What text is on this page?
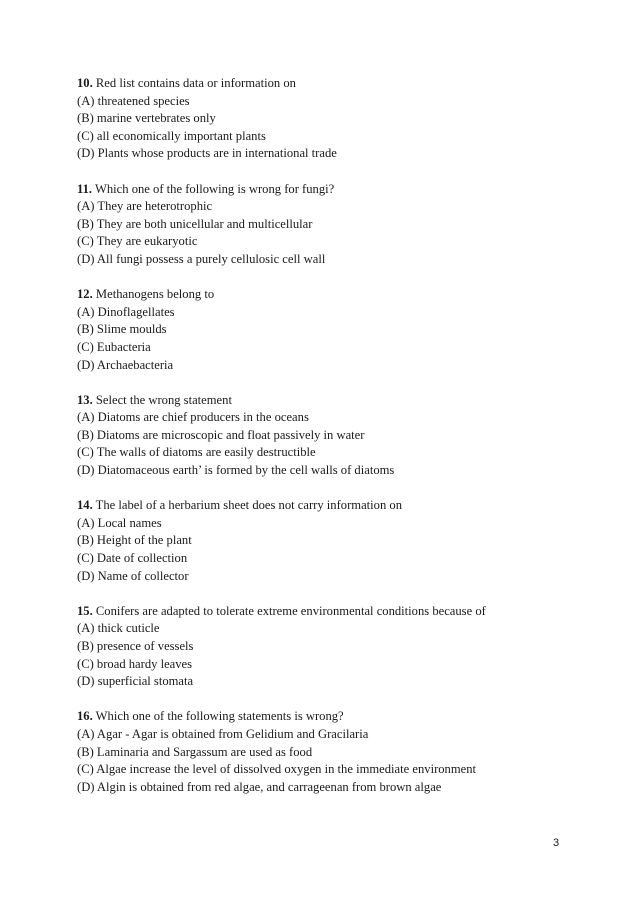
10. Red list contains data or information on
(A) threatened species
(B) marine vertebrates only
(C) all economically important plants
(D) Plants whose products are in international trade
11. Which one of the following is wrong for fungi?
(A) They are heterotrophic
(B) They are both unicellular and multicellular
(C) They are eukaryotic
(D) All fungi possess a purely cellulosic cell wall
12. Methanogens belong to
(A) Dinoflagellates
(B) Slime moulds
(C) Eubacteria
(D) Archaebacteria
13. Select the wrong statement
(A) Diatoms are chief producers in the oceans
(B) Diatoms are microscopic and float passively in water
(C) The walls of diatoms are easily destructible
(D) Diatomaceous earth’ is formed by the cell walls of diatoms
14. The label of a herbarium sheet does not carry information on
(A) Local names
(B) Height of the plant
(C) Date of collection
(D) Name of collector
15. Conifers are adapted to tolerate extreme environmental conditions because of
(A) thick cuticle
(B) presence of vessels
(C) broad hardy leaves
(D) superficial stomata
16. Which one of the following statements is wrong?
(A) Agar - Agar is obtained from Gelidium and Gracilaria
(B) Laminaria and Sargassum are used as food
(C) Algae increase the level of dissolved oxygen in the immediate environment
(D) Algin is obtained from red algae, and carrageenan from brown algae
3
